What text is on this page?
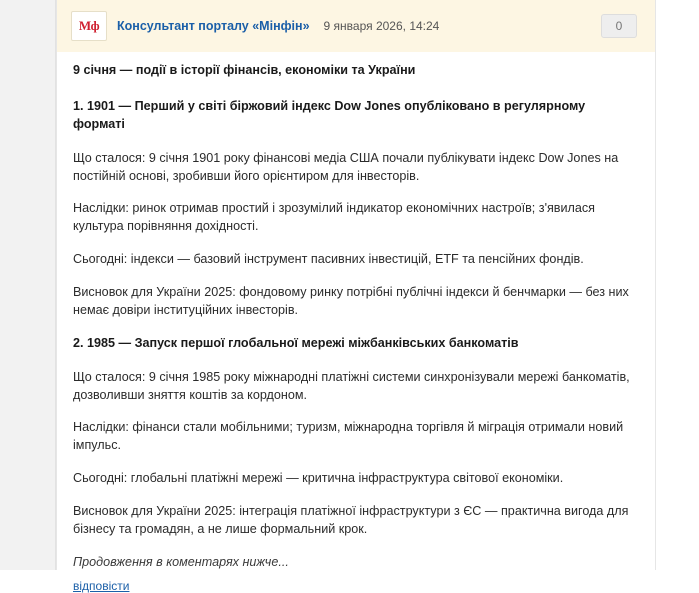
Мф Консультант порталу «Мінфін» 9 января 2026, 14:24	0

9 січня — події в історії фінансів, економіки та України

1. 1901 — Перший у світі біржовий індекс Dow Jones опубліковано в регулярному форматі

Що сталося: 9 січня 1901 року фінансові медіа США почали публікувати індекс Dow Jones на постійній основі, зробивши його орієнтиром для інвесторів.

Наслідки: ринок отримав простий і зрозумілий індикатор економічних настроїв; з'явилася культура порівняння дохідності.

Сьогодні: індекси — базовий інструмент пасивних інвестицій, ETF та пенсійних фондів.

Висновок для України 2025: фондовому ринку потрібні публічні індекси й бенчмарки — без них немає довіри інституційних інвесторів.

2. 1985 — Запуск першої глобальної мережі міжбанківських банкоматів

Що сталося: 9 січня 1985 року міжнародні платіжні системи синхронізували мережі банкоматів, дозволивши зняття коштів за кордоном.

Наслідки: фінанси стали мобільними; туризм, міжнародна торгівля й міграція отримали новий імпульс.

Сьогодні: глобальні платіжні мережі — критична інфраструктура світової економіки.

Висновок для України 2025: інтеграція платіжної інфраструктури з ЄС — практична вигода для бізнесу та громадян, а не лише формальний крок.

Продовження в коментарях нижче...

відповісти
